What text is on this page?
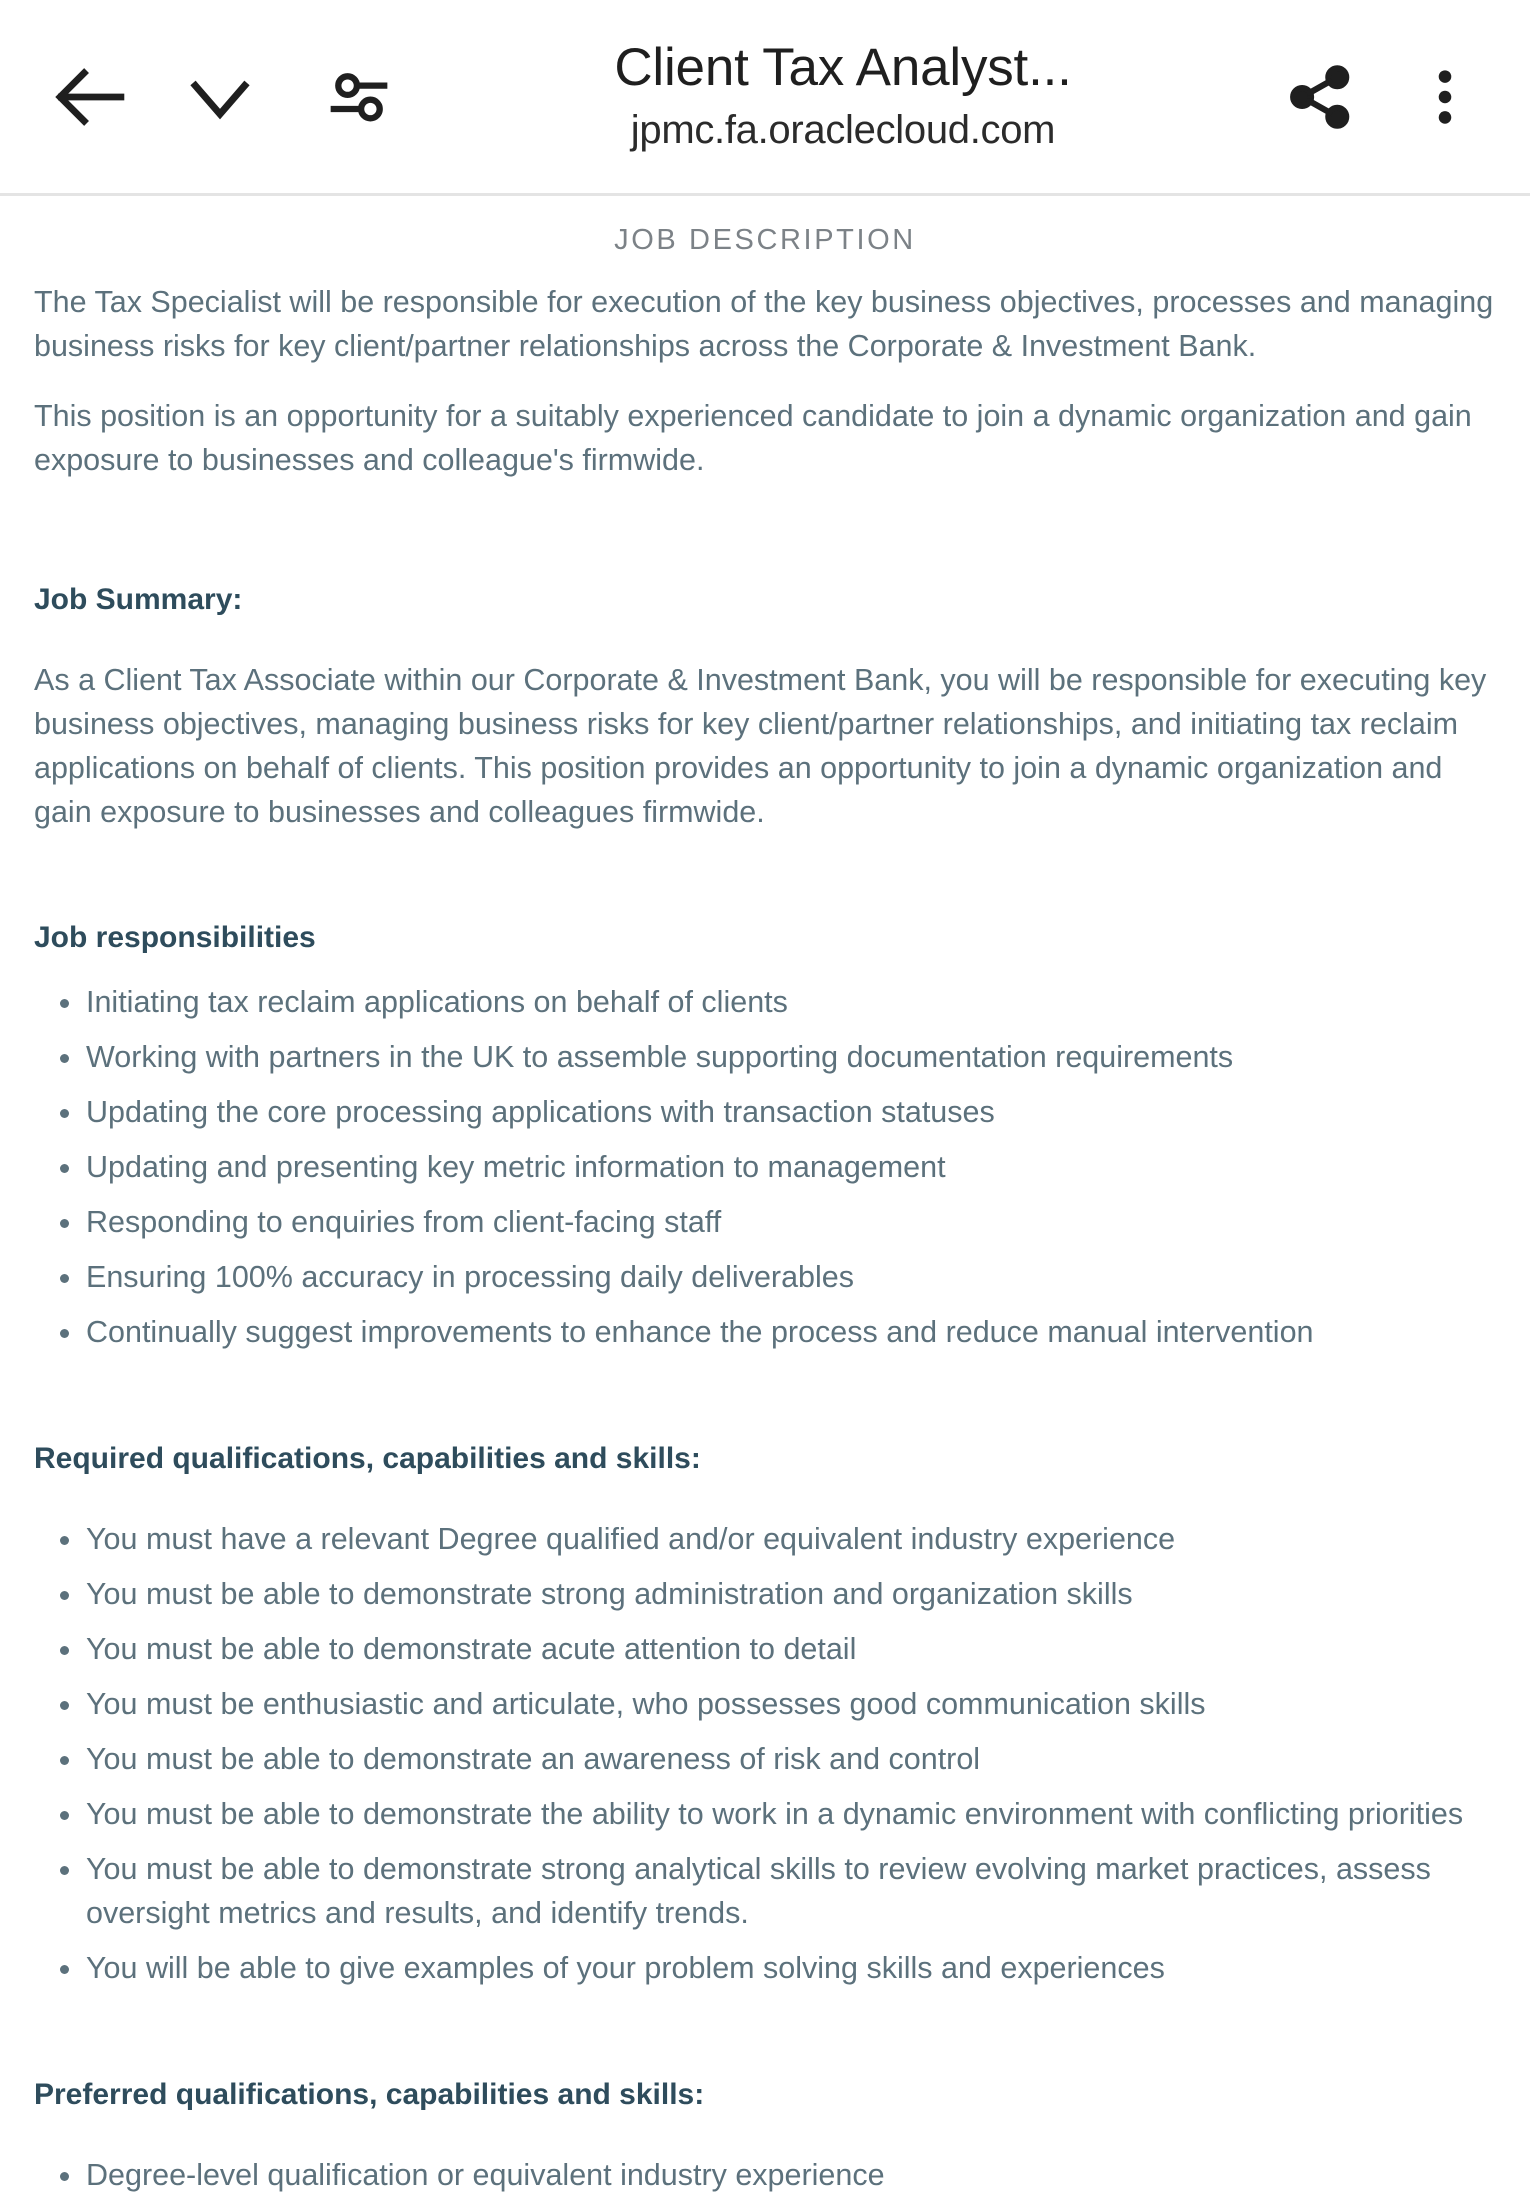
Client Tax Analyst...
jpmc.fa.oraclecloud.com
JOB DESCRIPTION

The Tax Specialist will be responsible for execution of the key business objectives, processes and managing business risks for key client/partner relationships across the Corporate & Investment Bank.

This position is an opportunity for a suitably experienced candidate to join a dynamic organization and gain exposure to businesses and colleague's firmwide.

Job Summary:

As a Client Tax Associate within our Corporate & Investment Bank, you will be responsible for executing key business objectives, managing business risks for key client/partner relationships, and initiating tax reclaim applications on behalf of clients. This position provides an opportunity to join a dynamic organization and gain exposure to businesses and colleagues firmwide.

Job responsibilities
Initiating tax reclaim applications on behalf of clients
Working with partners in the UK to assemble supporting documentation requirements
Updating the core processing applications with transaction statuses
Updating and presenting key metric information to management
Responding to enquiries from client-facing staff
Ensuring 100% accuracy in processing daily deliverables
Continually suggest improvements to enhance the process and reduce manual intervention
Required qualifications, capabilities and skills:
You must have a relevant Degree qualified and/or equivalent industry experience
You must be able to demonstrate strong administration and organization skills
You must be able to demonstrate acute attention to detail
You must be enthusiastic and articulate, who possesses good communication skills
You must be able to demonstrate an awareness of risk and control
You must be able to demonstrate the ability to work in a dynamic environment with conflicting priorities
You must be able to demonstrate strong analytical skills to review evolving market practices, assess oversight metrics and results, and identify trends.
You will be able to give examples of your problem solving skills and experiences
Preferred qualifications, capabilities and skills:
Degree-level qualification or equivalent industry experience
